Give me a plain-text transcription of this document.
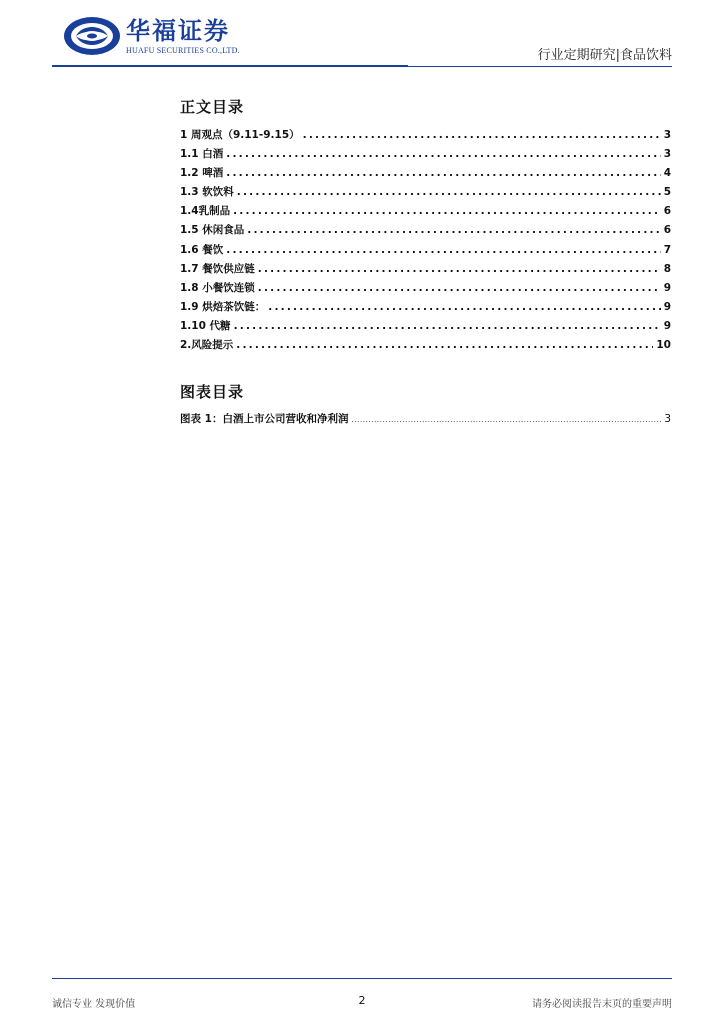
华福证券
HUAFU SECURITIES CO.,LTD.	行业定期研究|食品饮料
正文目录
1 周观点（9.11-9.15） .....	3
1.1 白酒 .....	3
1.2 啤酒 .....	4
1.3 软饮料 .....	5
1.4乳制品 .....	6
1.5 休闲食品 .....	6
1.6 餐饮 .....	7
1.7 餐饮供应链 .....	8
1.8 小餐饮连锁 .....	9
1.9 烘焙茶饮链： .....	9
1.10 代糖 .....	9
2.风险提示 .....	10
图表目录
图表 1：白酒上市公司营收和净利润 .....	3
诚信专业 发现价值	2	请务必阅读报告末页的重要声明
